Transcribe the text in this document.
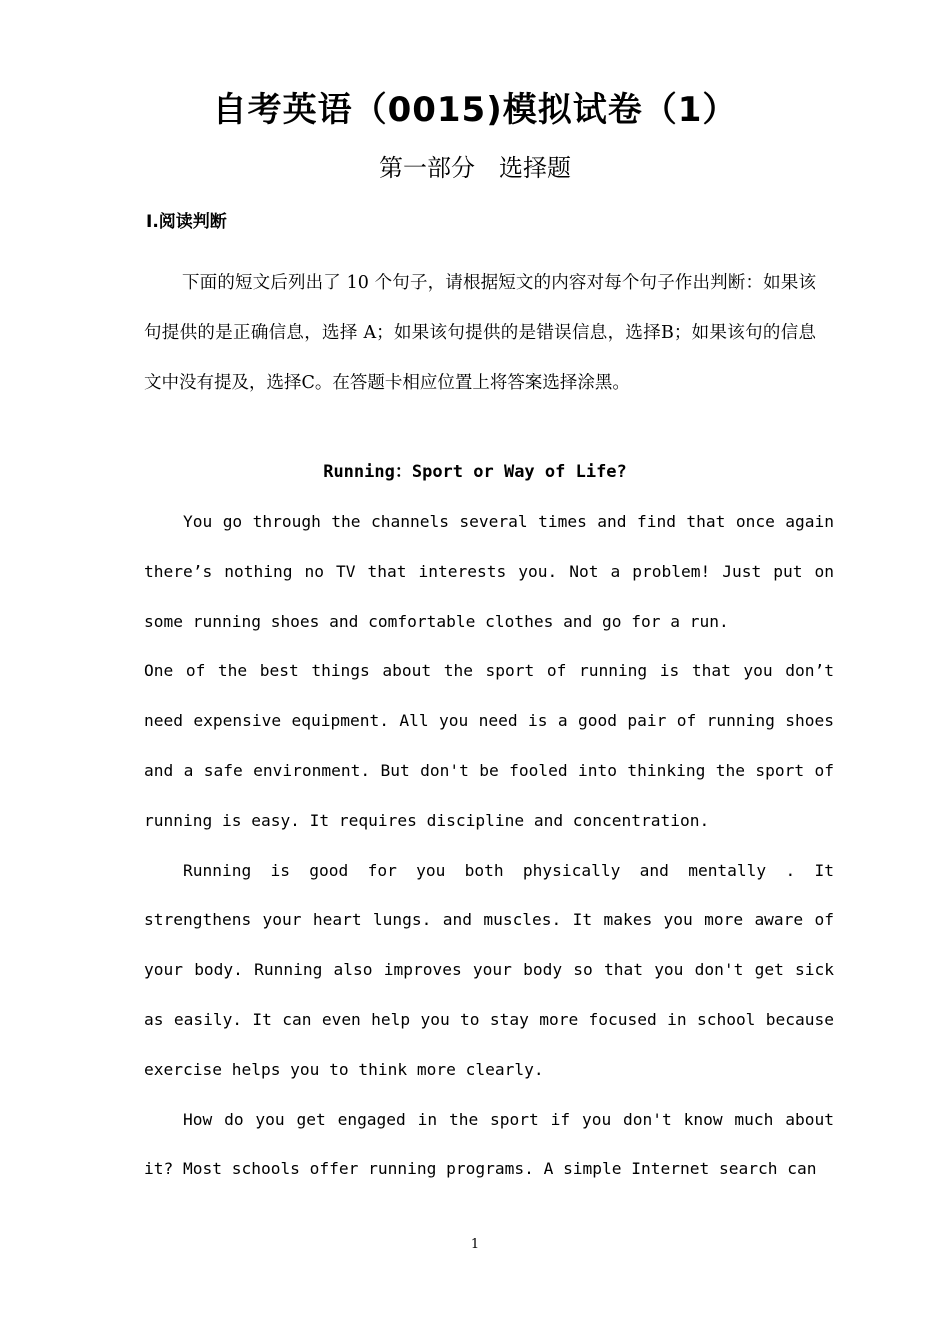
自考英语（0015)模拟试卷（1）
第一部分　选择题
Ⅰ.阅读判断

下面的短文后列出了 10 个句子，请根据短文的内容对每个句子作出判断：如果该句提供的是正确信息，选择 A；如果该句提供的是错误信息，选择B；如果该句的信息文中没有提及，选择C。在答题卡相应位置上将答案选择涂黑。

Running：Sport or Way of Life?

You go through the channels several times and find that once again there’s nothing no TV that interests you. Not a problem! Just put on some running shoes and comfortable clothes and go for a run.

One of the best things about the sport of running is that you don’t need expensive equipment. All you need is a good pair of running shoes and a safe environment. But don't be fooled into thinking the sport of running is easy. It requires discipline and concentration.

Running is good for you both physically and mentally . It strengthens your heart lungs. and muscles. It makes you more aware of your body. Running also improves your body so that you don't get sick as easily. It can even help you to stay more focused in school because exercise helps you to think more clearly.

How do you get engaged in the sport if you don't know much about it? Most schools offer running programs. A simple Internet search can

1
